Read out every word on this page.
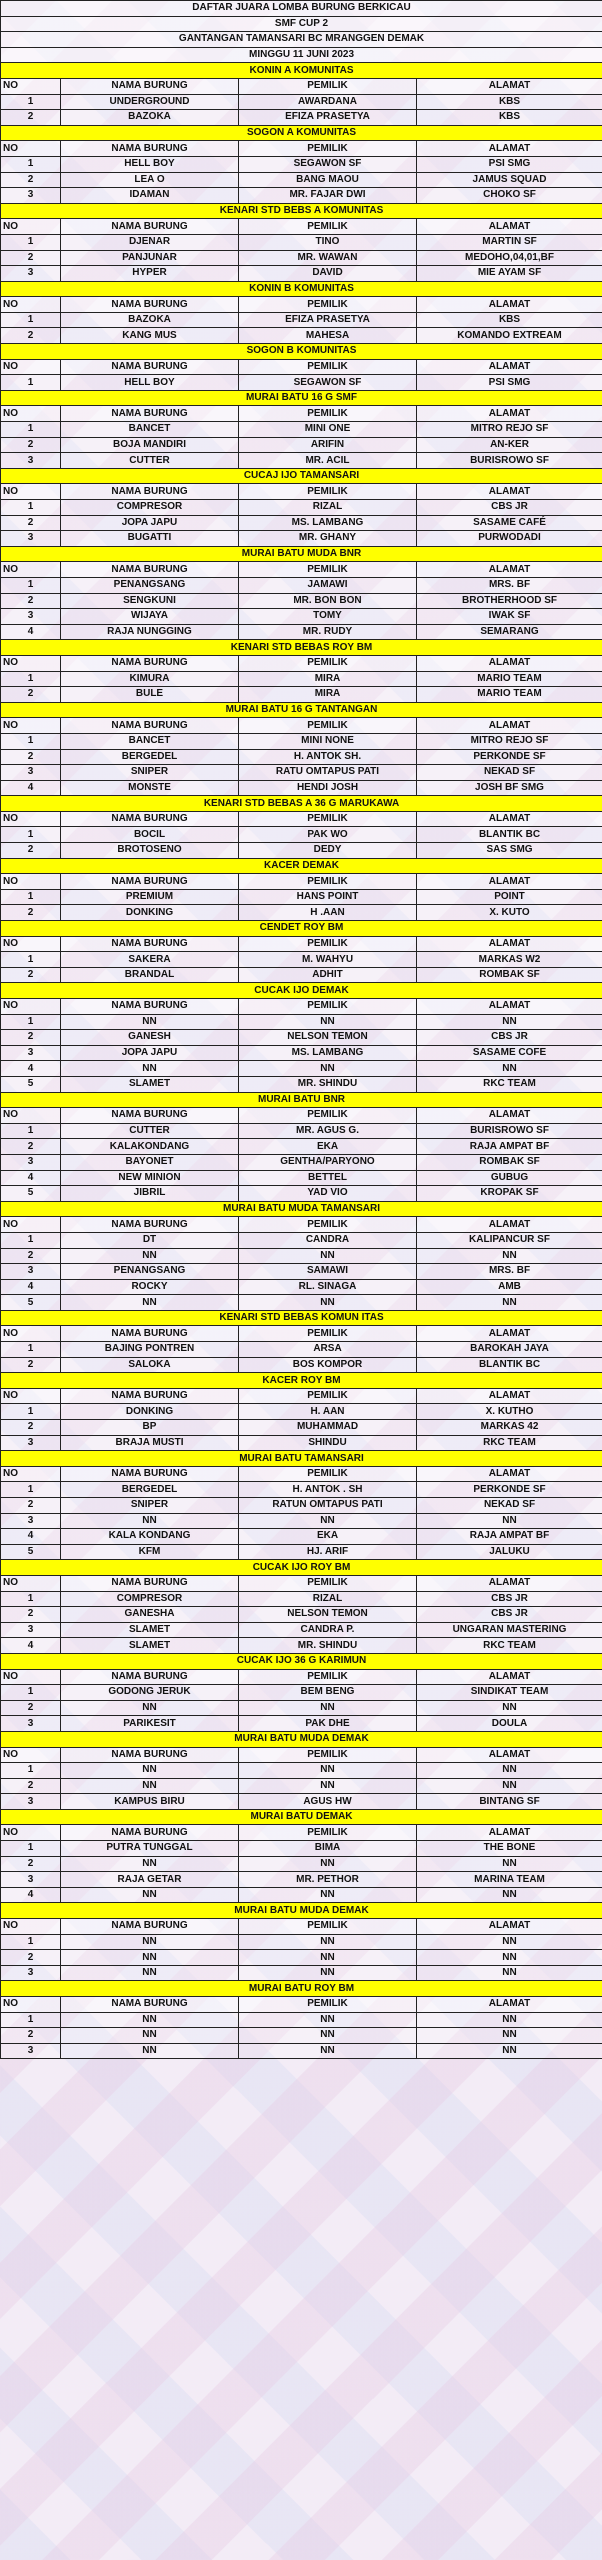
DAFTAR JUARA LOMBA BURUNG BERKICAU			
SMF CUP 2			
GANTANGAN TAMANSARI BC MRANGGEN DEMAK			
MINGGU 11 JUNI 2023			
KONIN A KOMUNITAS			
NO	NAMA BURUNG	PEMILIK	ALAMAT
1	UNDERGROUND	AWARDANA	KBS
2	BAZOKA	EFIZA PRASETYA	KBS
SOGON A KOMUNITAS			
NO	NAMA BURUNG	PEMILIK	ALAMAT
1	HELL BOY	SEGAWON SF	PSI SMG
2	LEA O	BANG MAOU	JAMUS SQUAD
3	IDAMAN	MR. FAJAR DWI	CHOKO SF
KENARI STD BEBS A KOMUNITAS			
NO	NAMA BURUNG	PEMILIK	ALAMAT
1	DJENAR	TINO	MARTIN SF
2	PANJUNAR	MR. WAWAN	MEDOHO,04,01,BF
3	HYPER	DAVID	MIE AYAM SF
KONIN B KOMUNITAS			
NO	NAMA BURUNG	PEMILIK	ALAMAT
1	BAZOKA	EFIZA PRASETYA	KBS
2	KANG MUS	MAHESA	KOMANDO EXTREAM
SOGON B KOMUNITAS			
NO	NAMA BURUNG	PEMILIK	ALAMAT
1	HELL BOY	SEGAWON SF	PSI SMG
MURAI BATU 16 G SMF			
NO	NAMA BURUNG	PEMILIK	ALAMAT
1	BANCET	MINI ONE	MITRO REJO SF
2	BOJA MANDIRI	ARIFIN	AN-KER
3	CUTTER	MR. ACIL	BURISROWO SF
CUCAJ IJO TAMANSARI			
NO	NAMA BURUNG	PEMILIK	ALAMAT
1	COMPRESOR	RIZAL	CBS JR
2	JOPA JAPU	MS. LAMBANG	SASAME CAFÉ
3	BUGATTI	MR. GHANY	PURWODADI
MURAI BATU MUDA BNR			
NO	NAMA BURUNG	PEMILIK	ALAMAT
1	PENANGSANG	JAMAWI	MRS. BF
2	SENGKUNI	MR. BON BON	BROTHERHOOD SF
3	WIJAYA	TOMY	IWAK SF
4	RAJA NUNGGING	MR. RUDY	SEMARANG
KENARI STD BEBAS ROY BM			
NO	NAMA BURUNG	PEMILIK	ALAMAT
1	KIMURA	MIRA	MARIO TEAM
2	BULE	MIRA	MARIO TEAM
MURAI BATU 16 G TANTANGAN			
NO	NAMA BURUNG	PEMILIK	ALAMAT
1	BANCET	MINI NONE	MITRO REJO SF
2	BERGEDEL	H. ANTOK SH.	PERKONDE SF
3	SNIPER	RATU OMTAPUS PATI	NEKAD SF
4	MONSTE	HENDI JOSH	JOSH BF SMG
KENARI STD BEBAS A 36 G MARUKAWA			
NO	NAMA BURUNG	PEMILIK	ALAMAT
1	BOCIL	PAK WO	BLANTIK BC
2	BROTOSENO	DEDY	SAS SMG
KACER DEMAK			
NO	NAMA BURUNG	PEMILIK	ALAMAT
1	PREMIUM	HANS POINT	POINT
2	DONKING	H .AAN	X. KUTO
CENDET ROY BM			
NO	NAMA BURUNG	PEMILIK	ALAMAT
1	SAKERA	M. WAHYU	MARKAS W2
2	BRANDAL	ADHIT	ROMBAK SF
CUCAK IJO DEMAK			
NO	NAMA BURUNG	PEMILIK	ALAMAT
1	NN	NN	NN
2	GANESH	NELSON TEMON	CBS JR
3	JOPA JAPU	MS. LAMBANG	SASAME COFE
4	NN	NN	NN
5	SLAMET	MR. SHINDU	RKC TEAM
MURAI BATU BNR			
NO	NAMA BURUNG	PEMILIK	ALAMAT
1	CUTTER	MR. AGUS G.	BURISROWO SF
2	KALAKONDANG	EKA	RAJA AMPAT BF
3	BAYONET	GENTHA/PARYONO	ROMBAK SF
4	NEW MINION	BETTEL	GUBUG
5	JIBRIL	YAD VIO	KROPAK SF
MURAI BATU MUDA TAMANSARI			
NO	NAMA BURUNG	PEMILIK	ALAMAT
1	DT	CANDRA	KALIPANCUR SF
2	NN	NN	NN
3	PENANGSANG	SAMAWI	MRS. BF
4	ROCKY	RL. SINAGA	AMB
5	NN	NN	NN
KENARI STD BEBAS KOMUN ITAS			
NO	NAMA BURUNG	PEMILIK	ALAMAT
1	BAJING PONTREN	ARSA	BAROKAH JAYA
2	SALOKA	BOS KOMPOR	BLANTIK BC
KACER ROY BM			
NO	NAMA BURUNG	PEMILIK	ALAMAT
1	DONKING	H. AAN	X. KUTHO
2	BP	MUHAMMAD	MARKAS 42
3	BRAJA MUSTI	SHINDU	RKC TEAM
MURAI BATU TAMANSARI			
NO	NAMA BURUNG	PEMILIK	ALAMAT
1	BERGEDEL	H. ANTOK . SH	PERKONDE SF
2	SNIPER	RATUN OMTAPUS PATI	NEKAD SF
3	NN	NN	NN
4	KALA KONDANG	EKA	RAJA AMPAT BF
5	KFM	HJ. ARIF	JALUKU
CUCAK IJO ROY BM			
NO	NAMA BURUNG	PEMILIK	ALAMAT
1	COMPRESOR	RIZAL	CBS JR
2	GANESHA	NELSON TEMON	CBS JR
3	SLAMET	CANDRA P.	UNGARAN MASTERING
4	SLAMET	MR. SHINDU	RKC TEAM
CUCAK IJO 36 G KARIMUN			
NO	NAMA BURUNG	PEMILIK	ALAMAT
1	GODONG JERUK	BEM BENG	SINDIKAT TEAM
2	NN	NN	NN
3	PARIKESIT	PAK DHE	DOULA
MURAI BATU MUDA DEMAK			
NO	NAMA BURUNG	PEMILIK	ALAMAT
1	NN	NN	NN
2	NN	NN	NN
3	KAMPUS BIRU	AGUS HW	BINTANG SF
MURAI BATU DEMAK			
NO	NAMA BURUNG	PEMILIK	ALAMAT
1	PUTRA TUNGGAL	BIMA	THE BONE
2	NN	NN	NN
3	RAJA GETAR	MR. PETHOR	MARINA TEAM
4	NN	NN	NN
MURAI BATU MUDA DEMAK			
NO	NAMA BURUNG	PEMILIK	ALAMAT
1	NN	NN	NN
2	NN	NN	NN
3	NN	NN	NN
MURAI BATU ROY BM			
NO	NAMA BURUNG	PEMILIK	ALAMAT
1	NN	NN	NN
2	NN	NN	NN
3	NN	NN	NN
